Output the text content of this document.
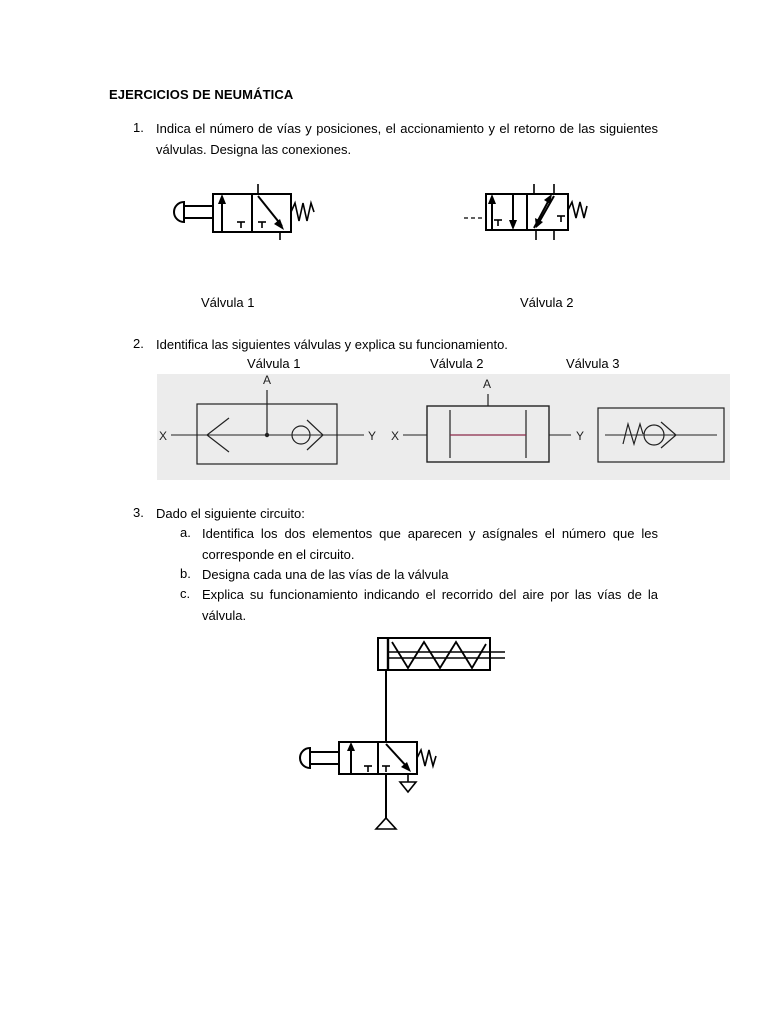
EJERCICIOS DE NEUMÁTICA
1. Indica el número de vías y posiciones, el accionamiento y el retorno de las siguientes válvulas. Designa las conexiones.
Válvula 1	Válvula 2
2. Identifica las siguientes válvulas y explica su funcionamiento.
Válvula 1	Válvula 2	Válvula 3
X
A
Y X
A
Y
3. Dado el siguiente circuito:
a. Identifica los dos elementos que aparecen y asígnales el número que les corresponde en el circuito.
b. Designa cada una de las vías de la válvula
c. Explica su funcionamiento indicando el recorrido del aire por las vías de la válvula.
